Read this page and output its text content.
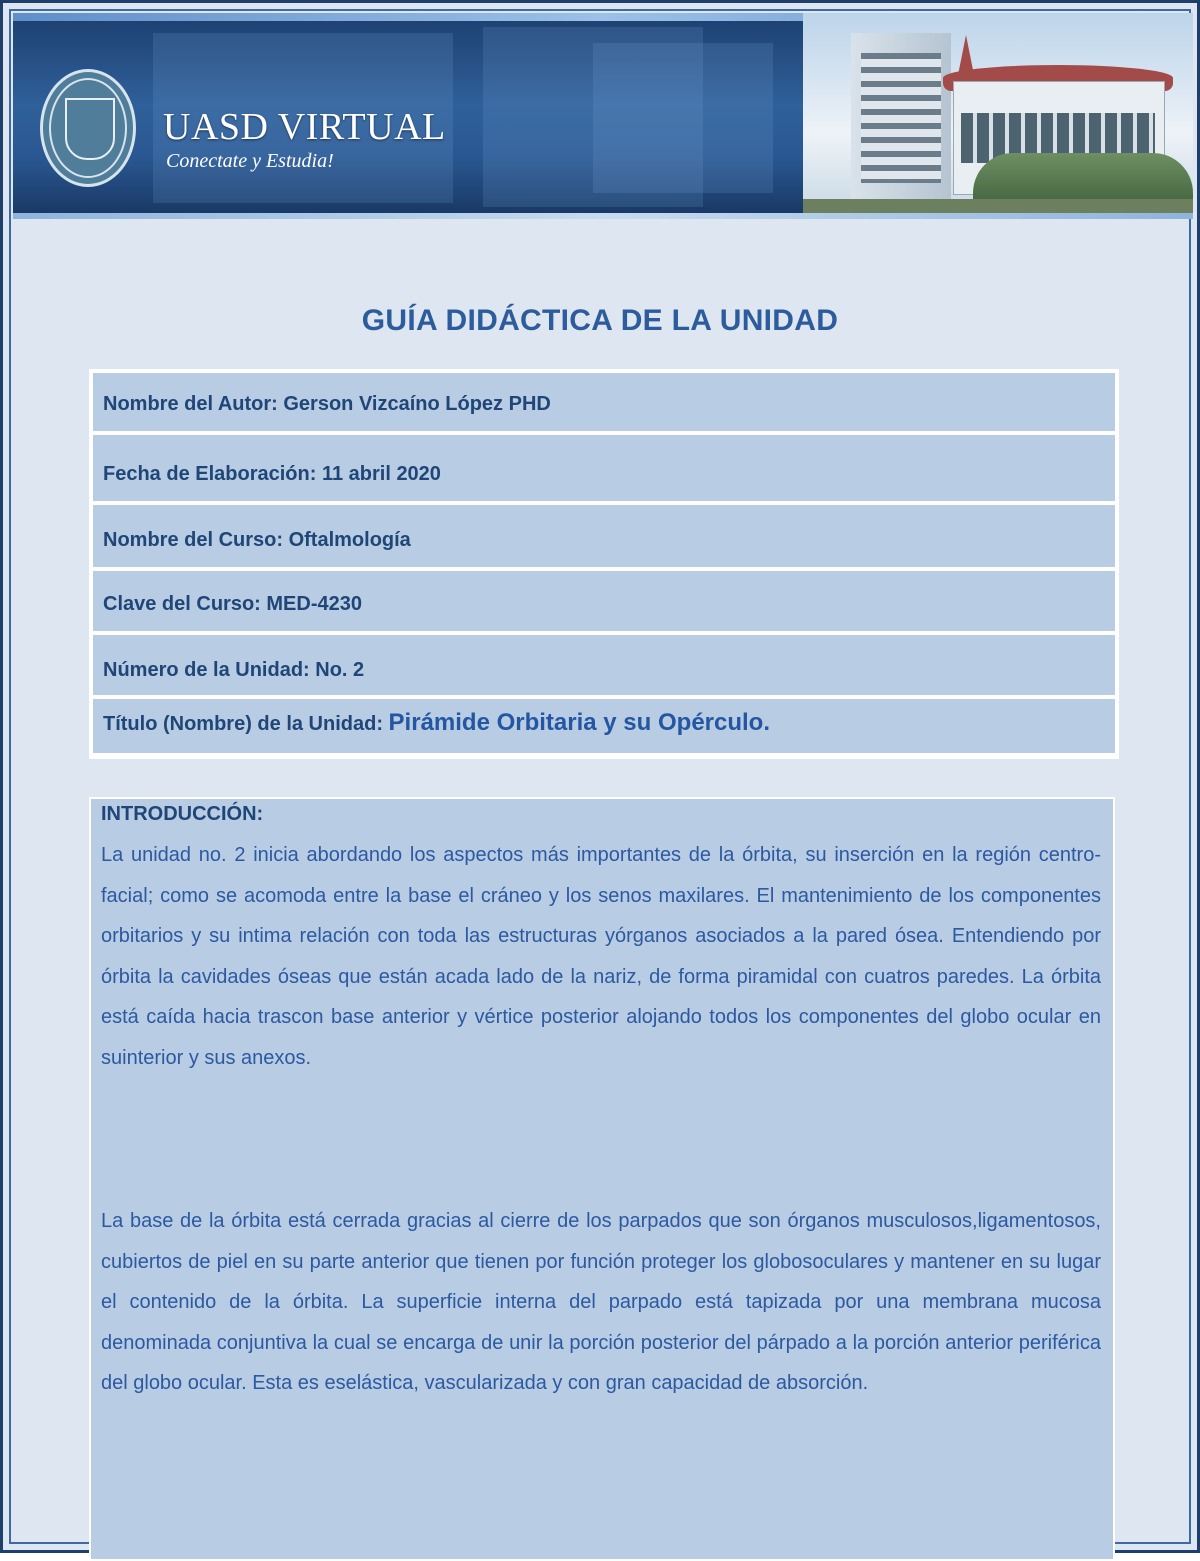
UASD VIRTUAL
Conectate y Estudia!
GUÍA DIDÁCTICA DE LA UNIDAD
Nombre del Autor: Gerson Vizcaíno López PHD
Fecha de Elaboración: 11 abril 2020
Nombre del Curso: Oftalmología
Clave del Curso: MED-4230
Número de la Unidad: No. 2
Título (Nombre) de la Unidad: Pirámide Orbitaria y su Opérculo.
INTRODUCCIÓN:
La unidad no. 2 inicia abordando los aspectos más importantes de la órbita, su inserción en la región centro-facial; como se acomoda entre la base el cráneo y los senos maxilares. El mantenimiento de los componentes orbitarios y su intima relación con toda las estructuras yórganos asociados a la pared ósea. Entendiendo por órbita la cavidades óseas que están acada lado de la nariz, de forma piramidal con cuatros paredes. La órbita está caída hacia trascon base anterior y vértice posterior alojando todos los componentes del globo ocular en suinterior y sus anexos.
La base de la órbita está cerrada gracias al cierre de los parpados que son órganos musculosos,ligamentosos, cubiertos de piel en su parte anterior que tienen por función proteger los globosoculares y mantener en su lugar el contenido de la órbita. La superficie interna del parpado está tapizada por una membrana mucosa denominada conjuntiva la cual se encarga de unir la porción posterior del párpado a la porción anterior periférica del globo ocular. Esta es eselástica, vascularizada y con gran capacidad de absorción.
